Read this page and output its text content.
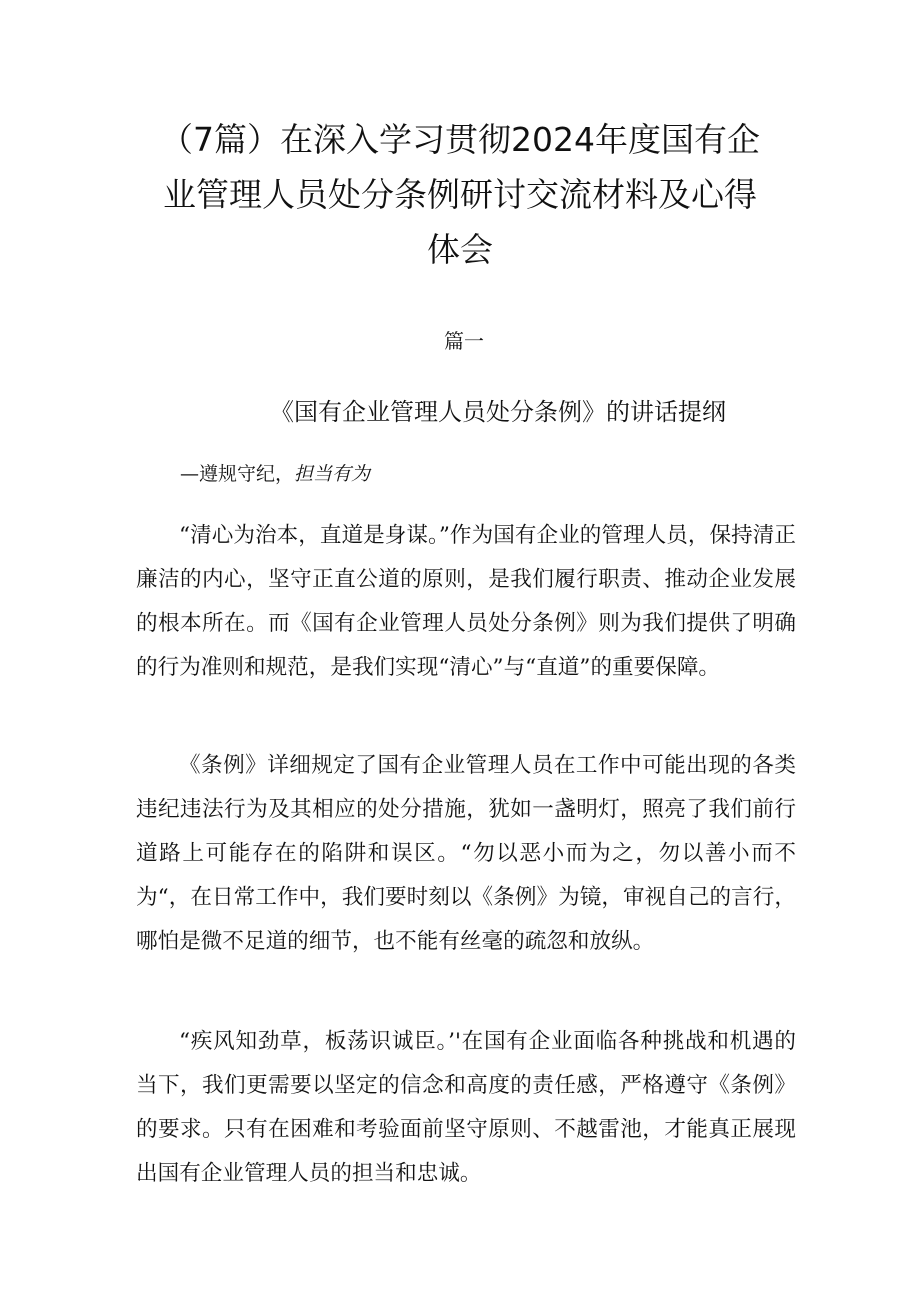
（7篇）在深入学习贯彻2024年度国有企
业管理人员处分条例研讨交流材料及心得
体会
篇一
《国有企业管理人员处分条例》的讲话提纲
—遵规守纪，担当有为

“清心为治本，直道是身谋。”作为国有企业的管理人员，保持清正廉洁的内心，坚守正直公道的原则，是我们履行职责、推动企业发展的根本所在。而《国有企业管理人员处分条例》则为我们提供了明确的行为准则和规范，是我们实现“清心”与“直道”的重要保障。

《条例》详细规定了国有企业管理人员在工作中可能出现的各类违纪违法行为及其相应的处分措施，犹如一盏明灯，照亮了我们前行道路上可能存在的陷阱和误区。“勿以恶小而为之，勿以善小而不为“，在日常工作中，我们要时刻以《条例》为镜，审视自己的言行，哪怕是微不足道的细节，也不能有丝毫的疏忽和放纵。

“疾风知劲草，板荡识诚臣。’'在国有企业面临各种挑战和机遇的当下，我们更需要以坚定的信念和高度的责任感，严格遵守《条例》的要求。只有在困难和考验面前坚守原则、不越雷池，才能真正展现出国有企业管理人员的担当和忠诚。
